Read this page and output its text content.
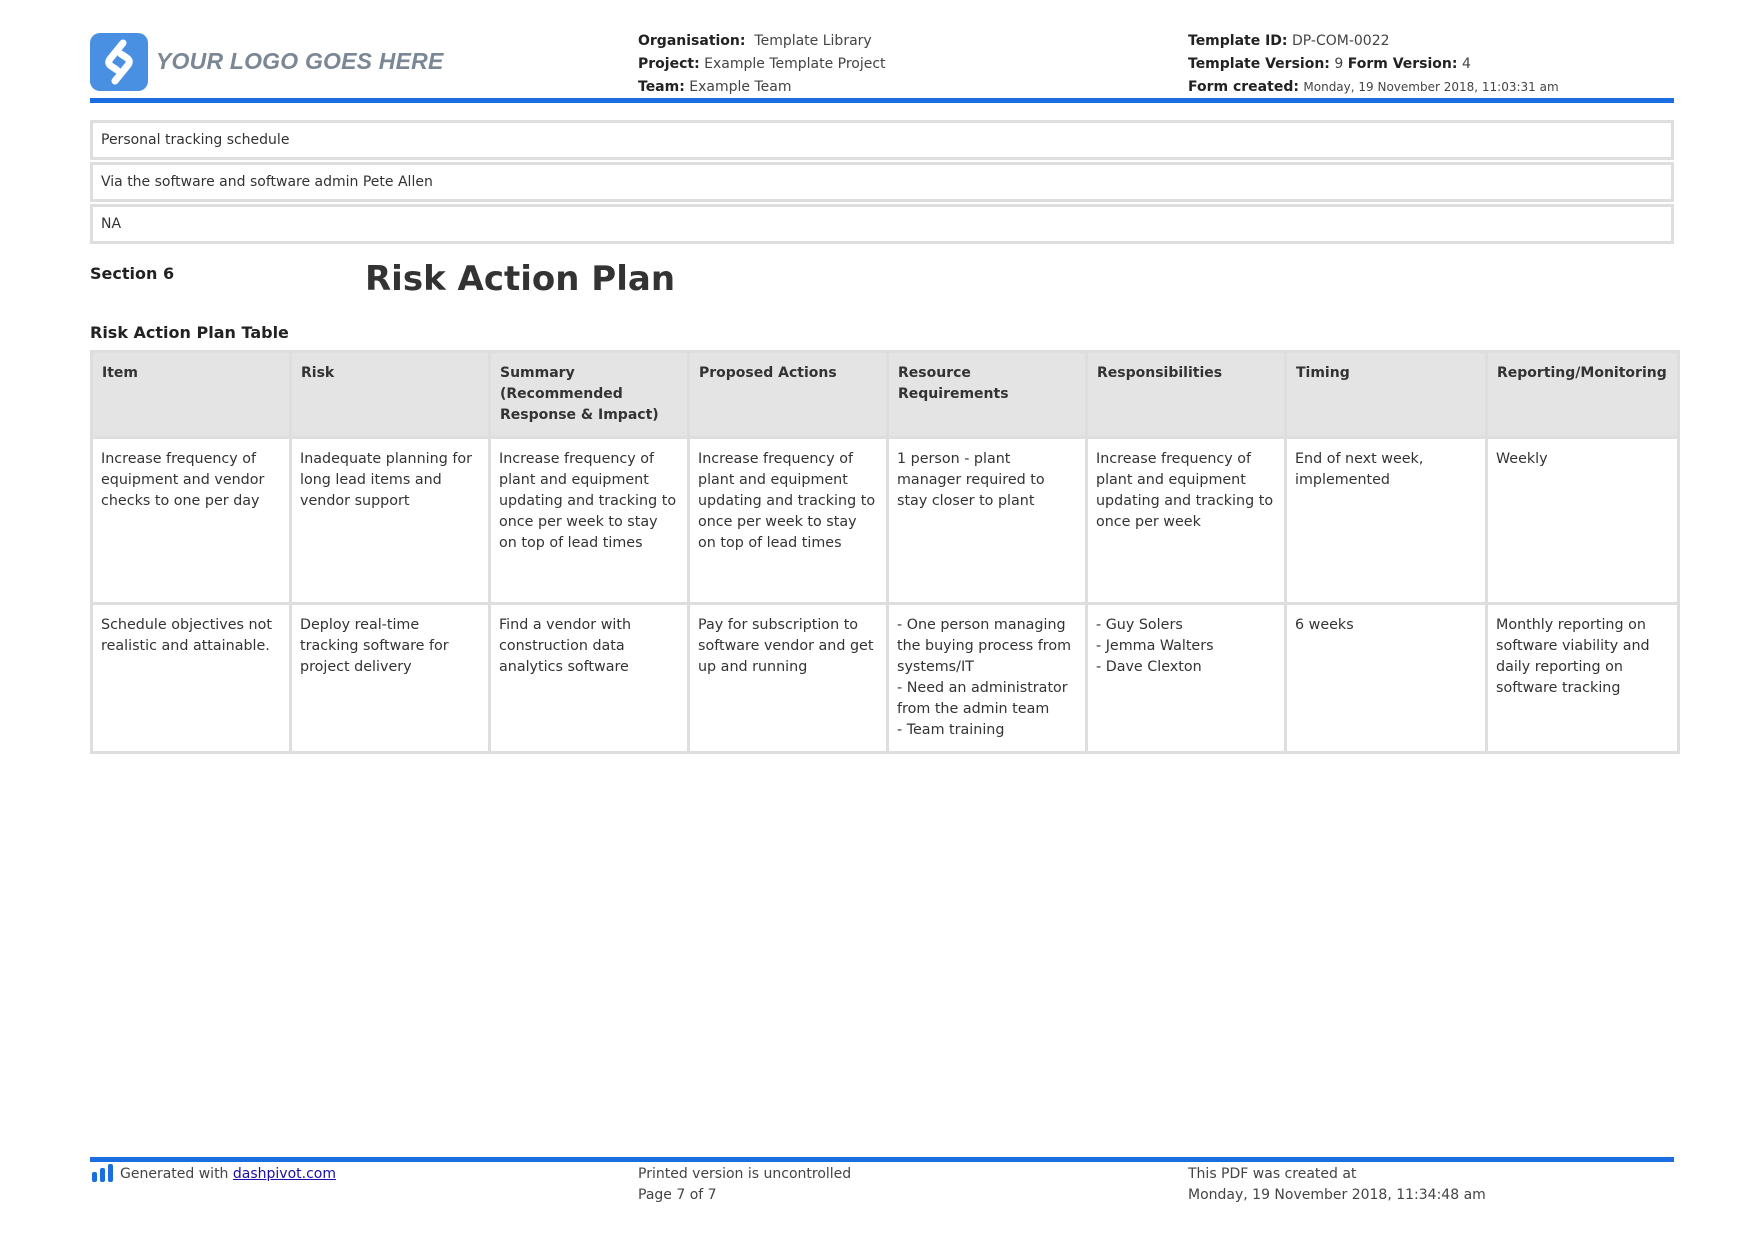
YOUR LOGO GOES HERE
Organisation: Template Library
Project: Example Template Project
Team: Example Team
Template ID: DP-COM-0022
Template Version: 9 Form Version: 4
Form created: Monday, 19 November 2018, 11:03:31 am
Personal tracking schedule
Via the software and software admin Pete Allen
NA
Section 6	Risk Action Plan
Risk Action Plan Table
Item	Risk	Summary (Recommended Response & Impact)	Proposed Actions	Resource Requirements	Responsibilities	Timing	Reporting/Monitoring
Increase frequency of equipment and vendor checks to one per day	Inadequate planning for long lead items and vendor support	Increase frequency of plant and equipment updating and tracking to once per week to stay on top of lead times	Increase frequency of plant and equipment updating and tracking to once per week to stay on top of lead times	1 person - plant manager required to stay closer to plant	Increase frequency of plant and equipment updating and tracking to once per week	End of next week, implemented	Weekly
Schedule objectives not realistic and attainable.	Deploy real-time tracking software for project delivery	Find a vendor with construction data analytics software	Pay for subscription to software vendor and get up and running	- One person managing the buying process from systems/IT
- Need an administrator from the admin team
- Team training	- Guy Solers
- Jemma Walters
- Dave Clexton	6 weeks	Monthly reporting on software viability and daily reporting on software tracking
Generated with dashpivot.com	Printed version is uncontrolled
Page 7 of 7
This PDF was created at
Monday, 19 November 2018, 11:34:48 am
